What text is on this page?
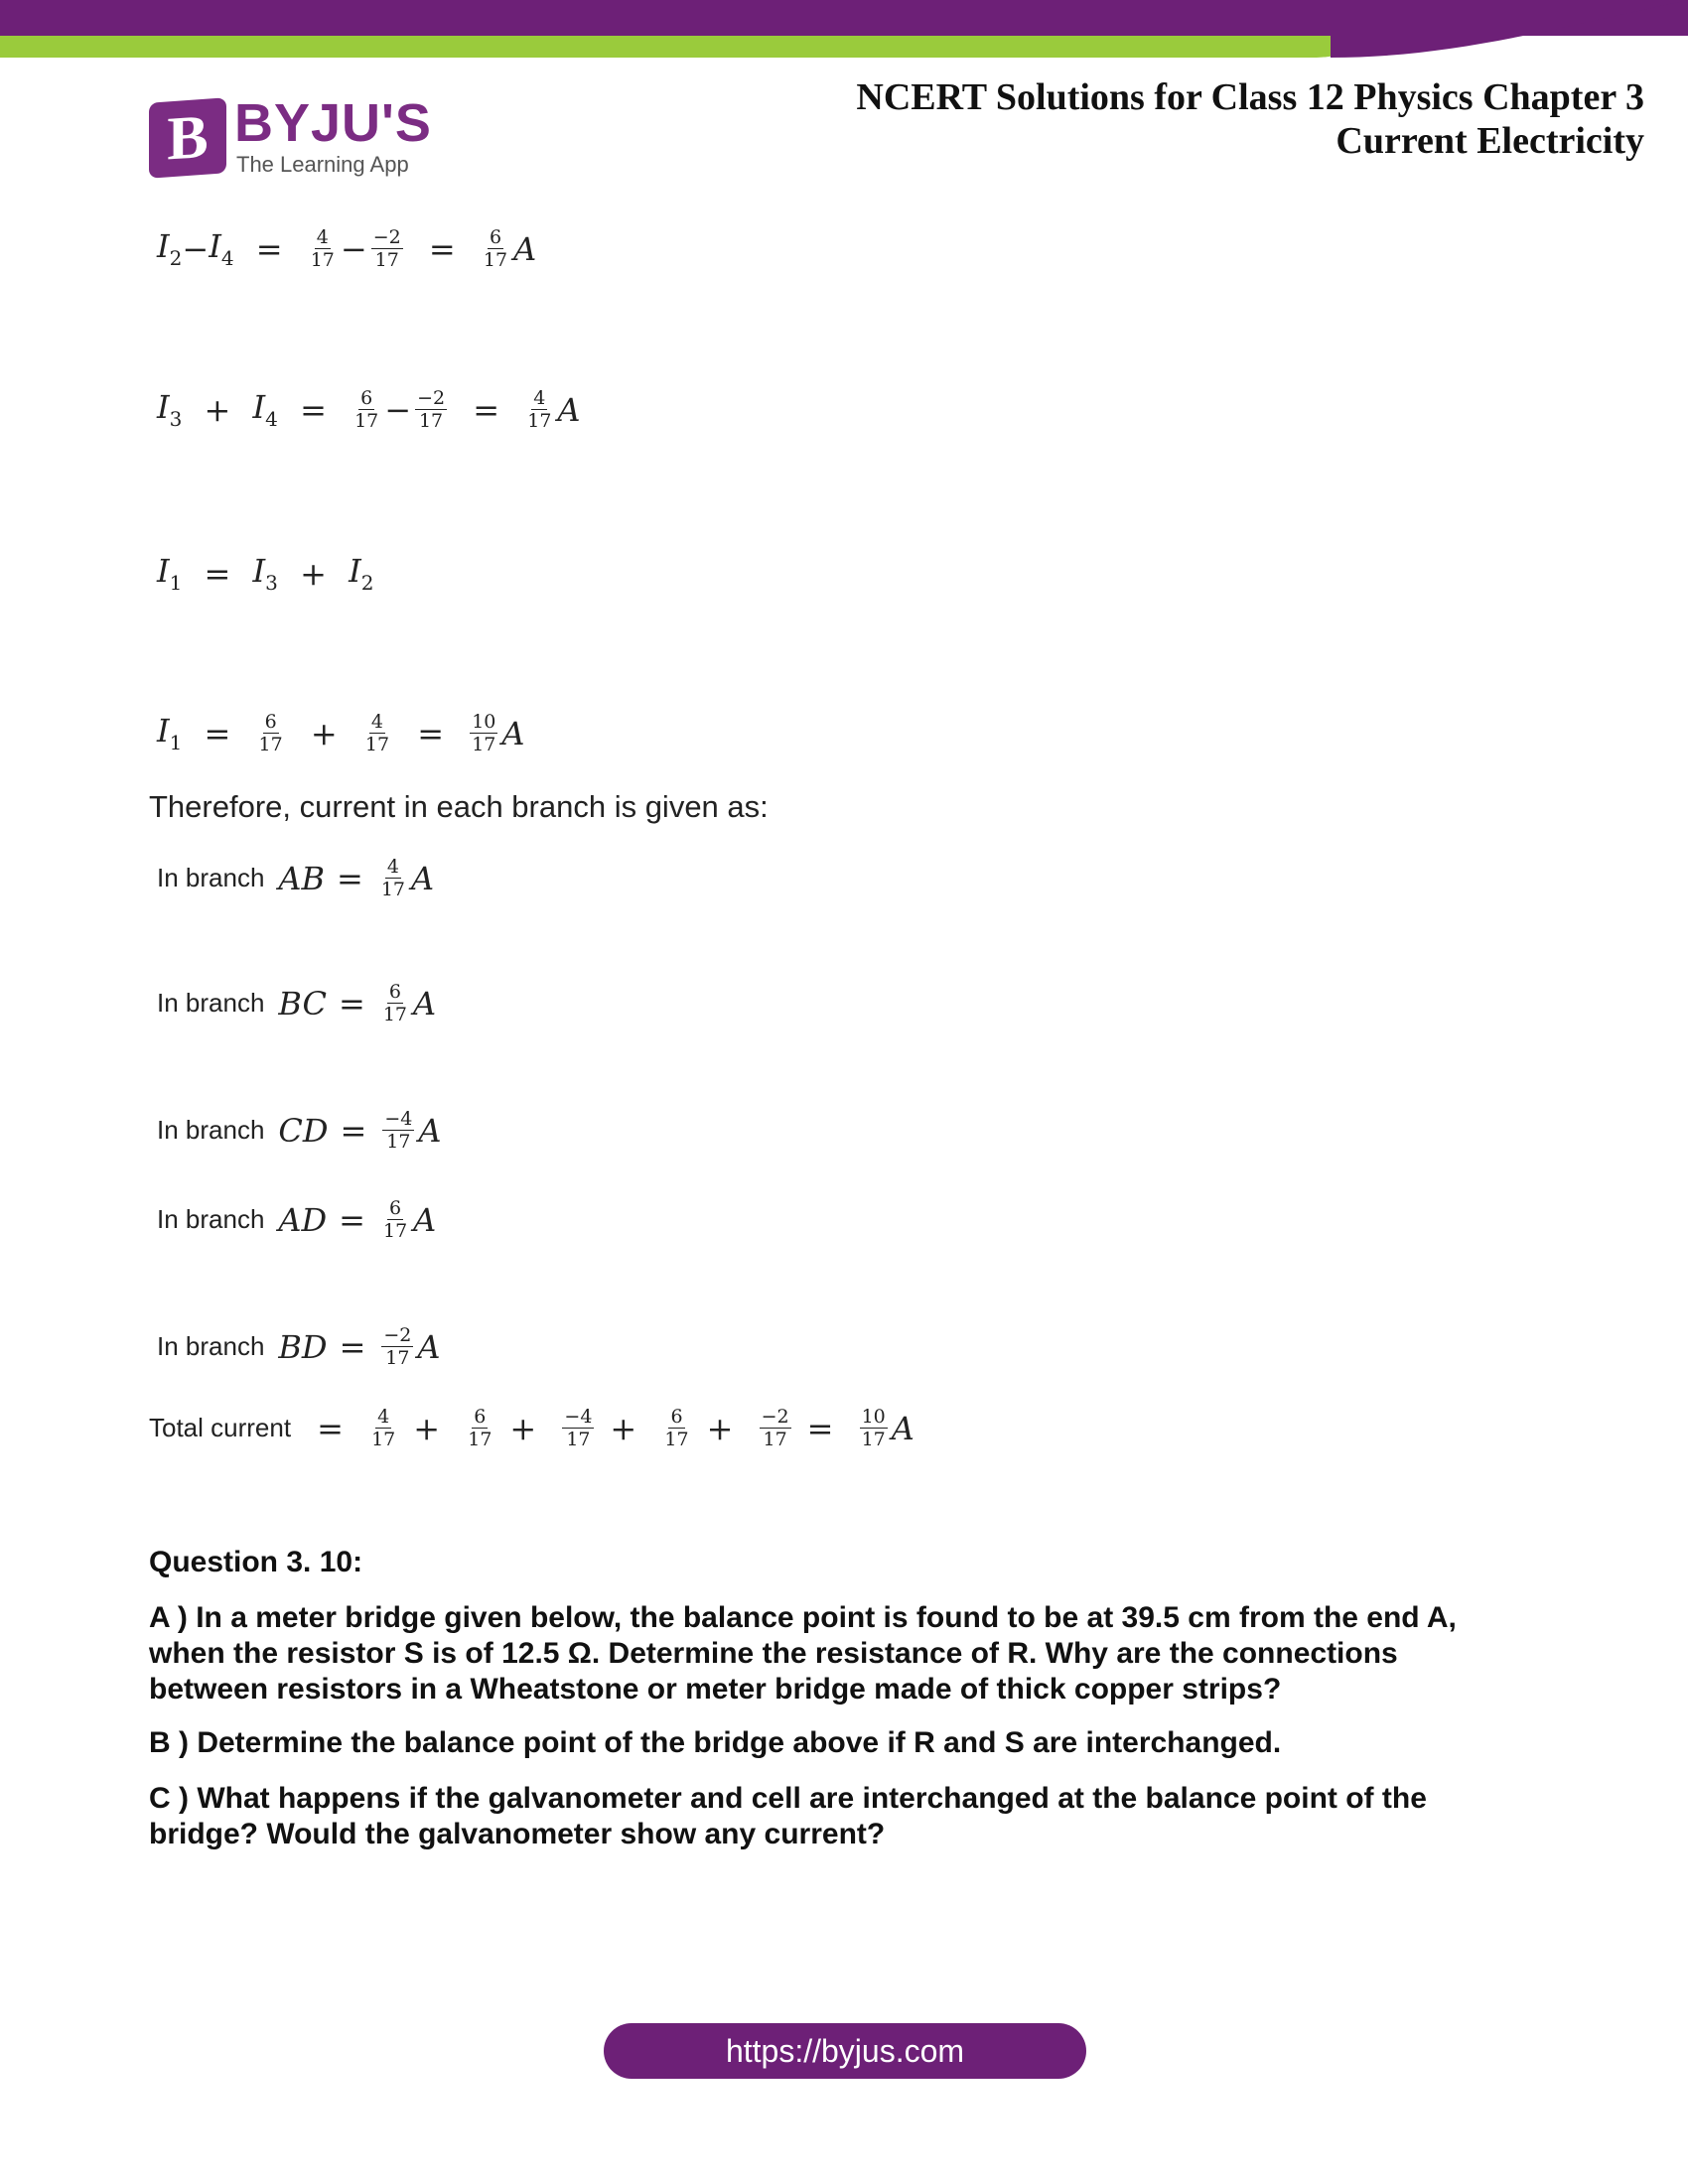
B BYJU'S
The Learning App
NCERT Solutions for Class 12 Physics Chapter 3
Current Electricity
$I_2-I_4 = \frac{4}{17} - \frac{-2}{17} = \frac{6}{17}$ A
$I_3 + I_4 = \frac{6}{17} - \frac{-2}{17} = \frac{4}{17}$ A
$I_1 = I_3 + I_2$
$I_1 = \frac{6}{17} + \frac{4}{17} = \frac{10}{17}$ A
Therefore, current in each branch is given as:
In branch AB = $\frac{4}{17}$ A
In branch BC = $\frac{6}{17}$ A
In branch CD = $\frac{-4}{17}$ A
In branch AD = $\frac{6}{17}$ A
In branch BD = $\frac{-2}{17}$ A
Total current = $\frac{4}{17} + \frac{6}{17} + \frac{-4}{17} + \frac{6}{17} + \frac{-2}{17} = \frac{10}{17}$ A
Question 3. 10:
A ) In a meter bridge given below, the balance point is found to be at 39.5 cm from the end A,
when the resistor S is of 12.5 Ω. Determine the resistance of R. Why are the connections
between resistors in a Wheatstone or meter bridge made of thick copper strips?
B ) Determine the balance point of the bridge above if R and S are interchanged.
C ) What happens if the galvanometer and cell are interchanged at the balance point of the
bridge? Would the galvanometer show any current?
https://byjus.com
